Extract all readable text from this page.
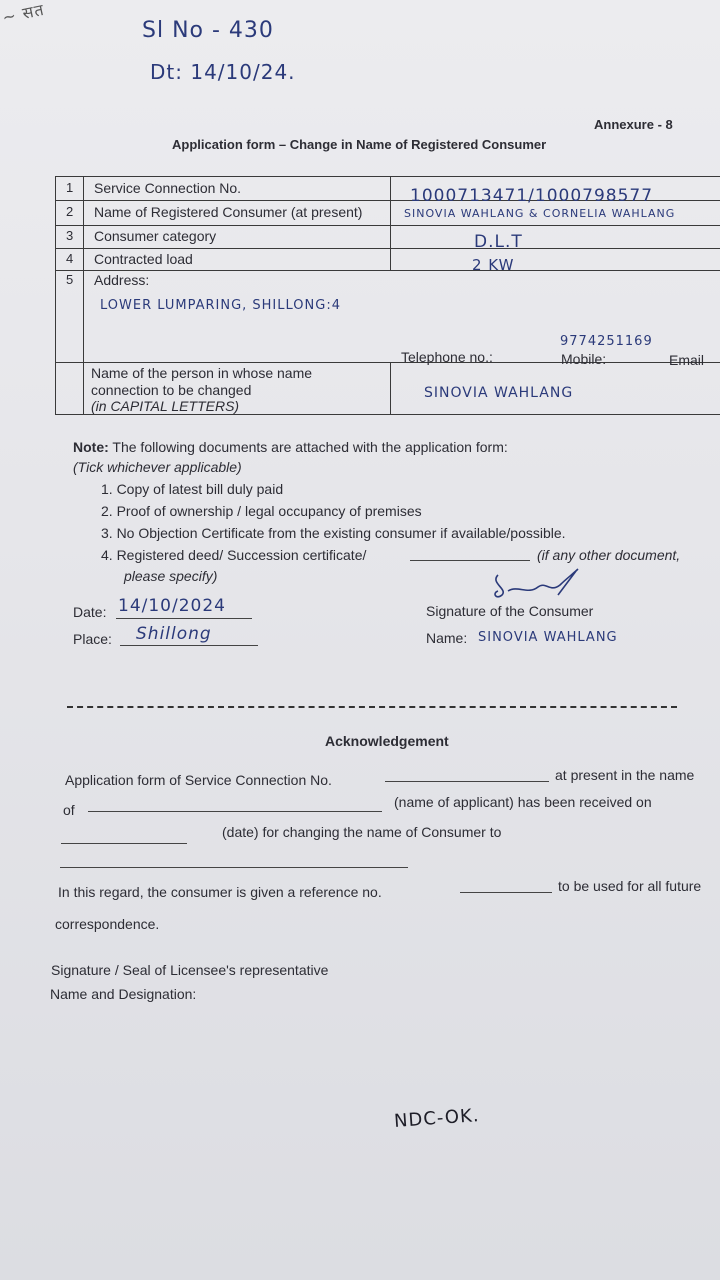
~ सत
Sl No - 430
Dt: 14/10/24.
Annexure - 8
Application form – Change in Name of Registered Consumer
1 Service Connection No.	1000713471/1000798577
2 Name of Registered Consumer (at present)	SINOVIA WAHLANG & CORNELIA WAHLANG
3 Consumer category	D.L.T
4 Contracted load	2 KW
5 Address:
LOWER LUMPARING, SHILLONG:4
9774251169
Telephone no.:	Mobile:	Email
Name of the person in whose name
connection to be changed
(in CAPITAL LETTERS)
SINOVIA WAHLANG
Note: The following documents are attached with the application form:
(Tick whichever applicable)
1. Copy of latest bill duly paid
2. Proof of ownership / legal occupancy of premises
3. No Objection Certificate from the existing consumer if available/possible.
4. Registered deed/ Succession certificate/	(if any other document,
please specify)
Date: 14/10/2024	Signature of the Consumer
Place: Shillong	Name: SINOVIA WAHLANG
Acknowledgement
Application form of Service Connection No.	at present in the name
of	(name of applicant) has been received on
(date) for changing the name of Consumer to
In this regard, the consumer is given a reference no.	to be used for all future
correspondence.
Signature / Seal of Licensee's representative
Name and Designation:
NDC-OK.
